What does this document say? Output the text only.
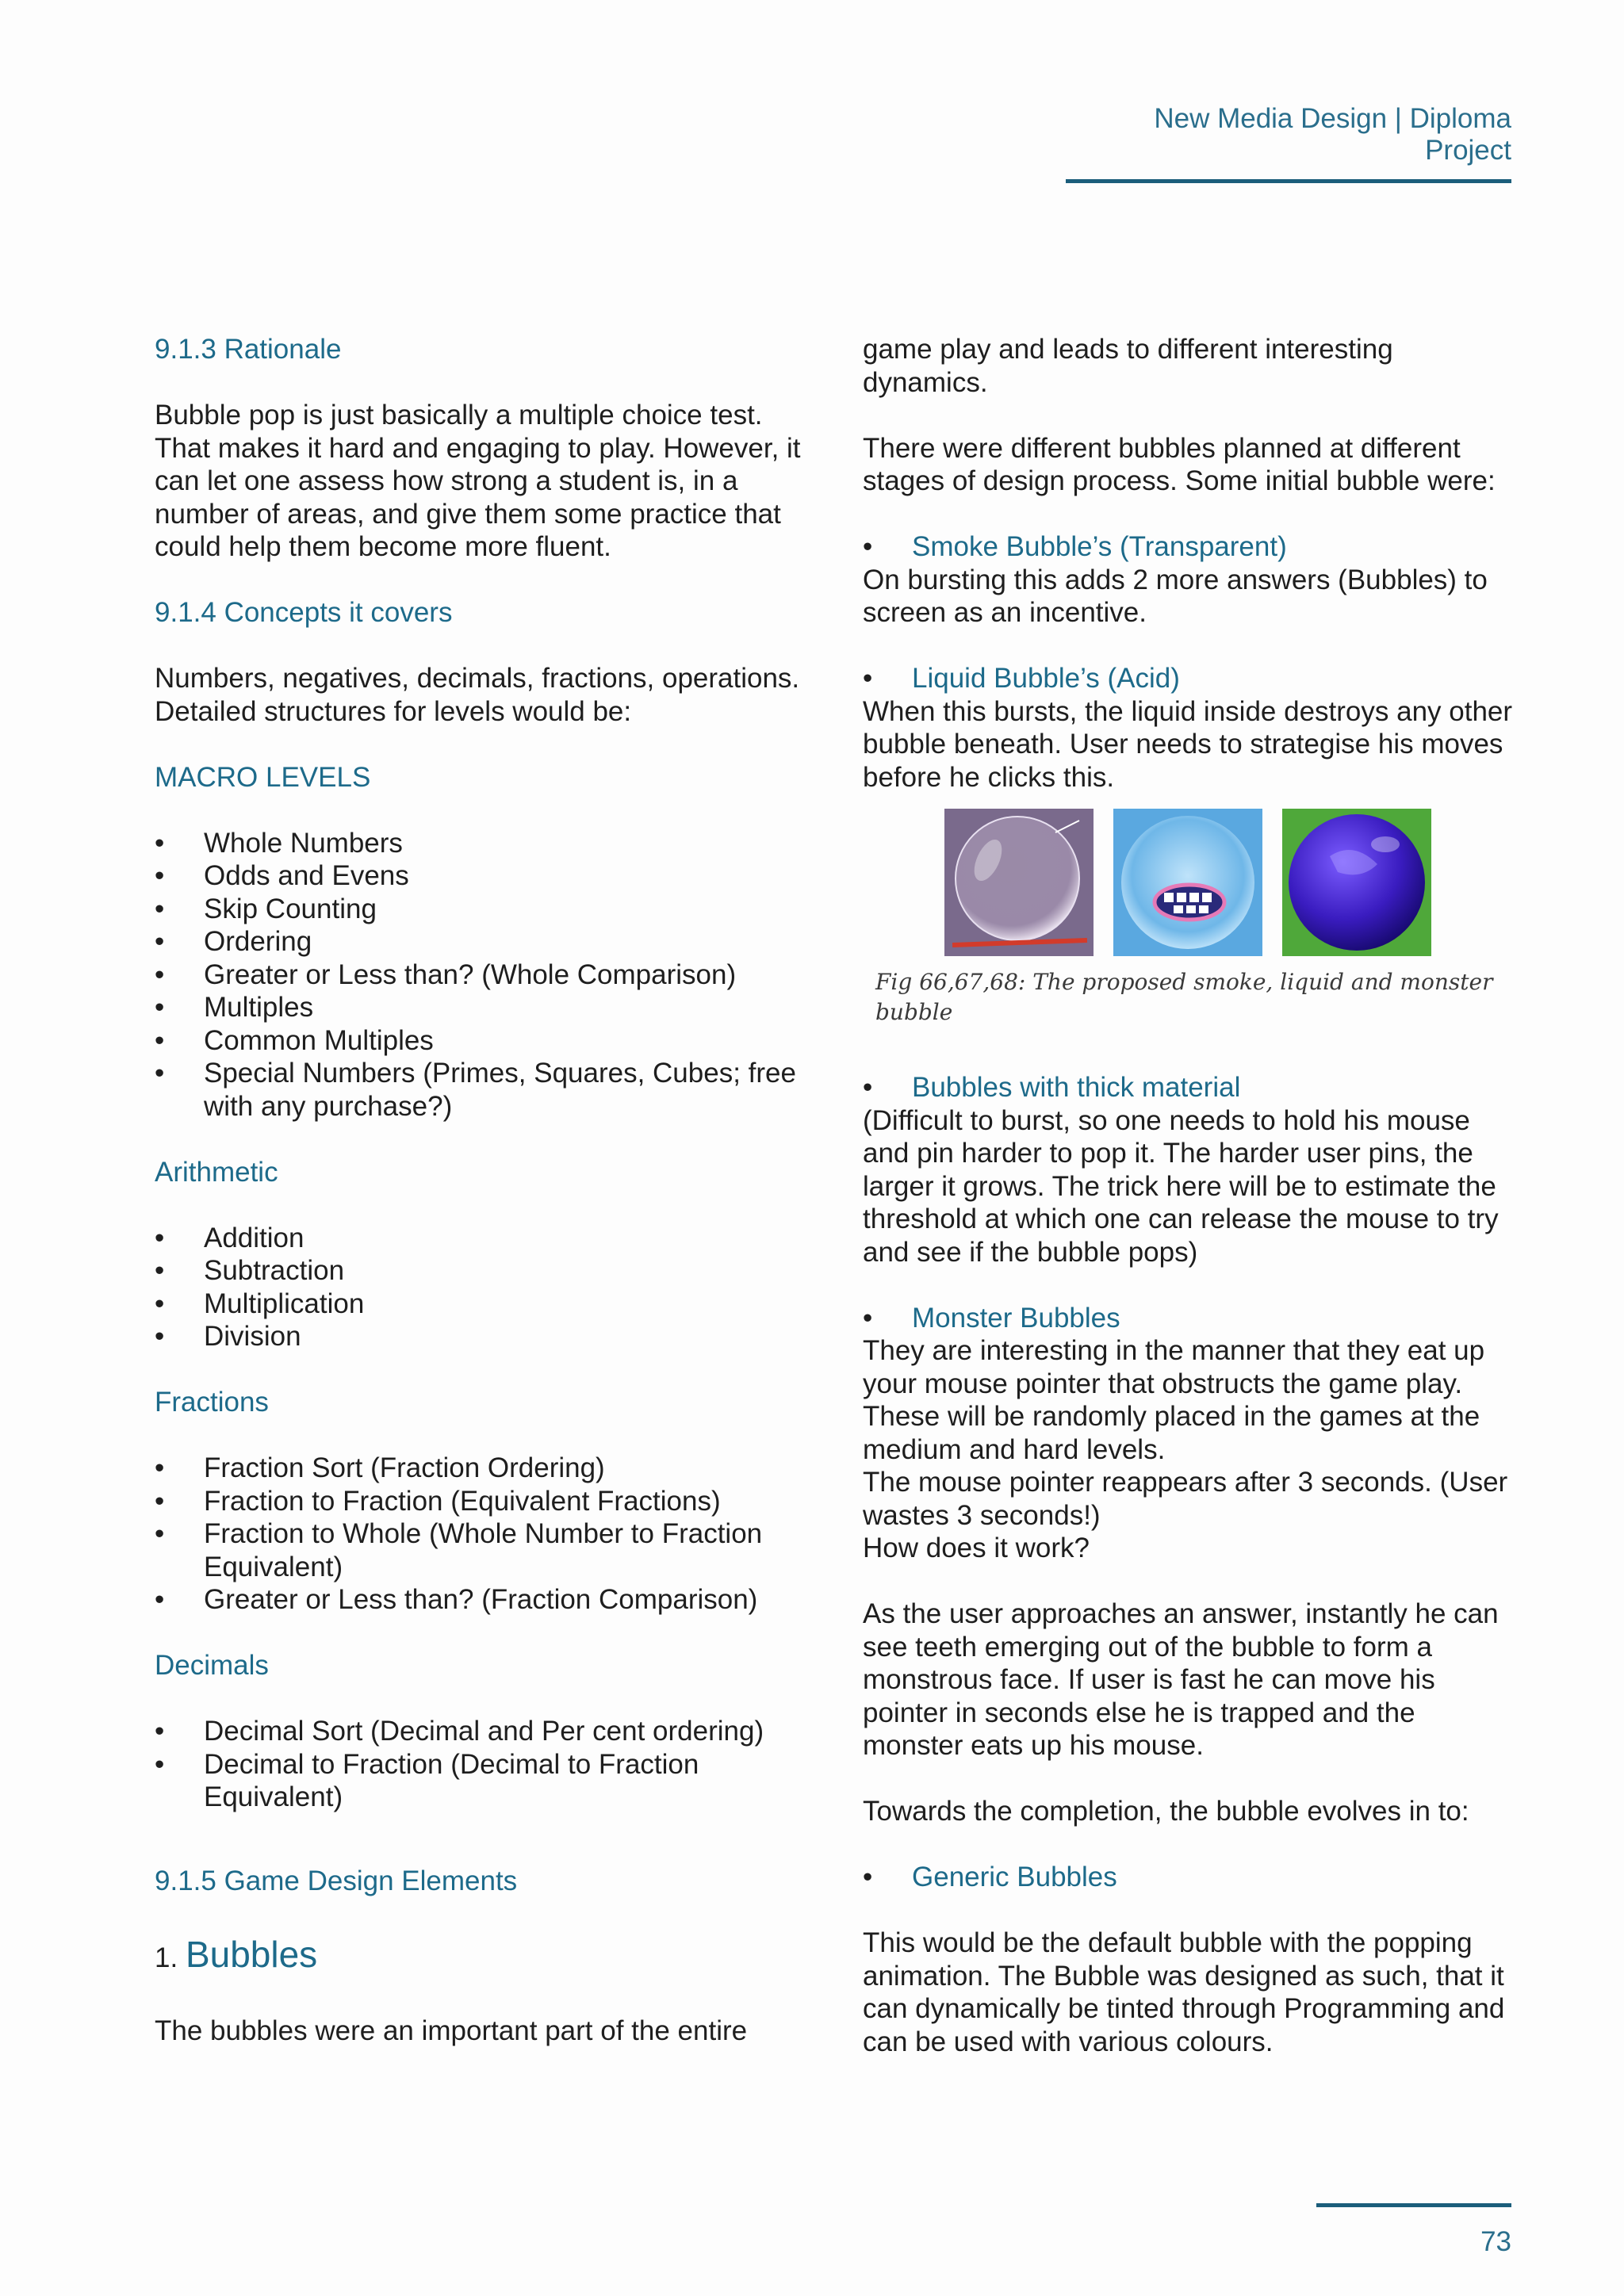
New Media Design | Diploma Project
9.1.3 Rationale

Bubble pop is just basically a multiple choice test. That makes it hard and engaging to play. However, it can let one assess how strong a student is, in a number of areas, and give them some practice that could help them become more fluent.

9.1.4 Concepts it covers

Numbers, negatives, decimals, fractions, operations. Detailed structures for levels would be:

MACRO LEVELS
• Whole Numbers
• Odds and Evens
• Skip Counting
• Ordering
• Greater or Less than? (Whole Comparison)
• Multiples
• Common Multiples
• Special Numbers (Primes, Squares, Cubes; free with any purchase?)
Arithmetic
• Addition
• Subtraction
• Multiplication
• Division
Fractions
• Fraction Sort (Fraction Ordering)
• Fraction to Fraction (Equivalent Fractions)
• Fraction to Whole (Whole Number to Fraction Equivalent)
• Greater or Less than? (Fraction Comparison)
Decimals
• Decimal Sort (Decimal and Per cent ordering)
• Decimal to Fraction (Decimal to Fraction Equivalent)
9.1.5 Game Design Elements
1. Bubbles

The bubbles were an important part of the entire

game play and leads to different interesting dynamics.

There were different bubbles planned at different stages of design process. Some initial bubble were:

• Smoke Bubble’s (Transparent)

On bursting this adds 2 more answers (Bubbles) to screen as an incentive.

• Liquid Bubble’s (Acid)

When this bursts, the liquid inside destroys any other bubble beneath. User needs to strategise his moves before he clicks this.

Fig 66,67,68: The proposed smoke, liquid and monster bubble
• Bubbles with thick material

(Difficult to burst, so one needs to hold his mouse and pin harder to pop it. The harder user pins, the larger it grows. The trick here will be to estimate the threshold at which one can release the mouse to try and see if the bubble pops)

• Monster Bubbles
They are interesting in the manner that they eat up your mouse pointer that obstructs the game play. These will be randomly placed in the games at the medium and hard levels.
The mouse pointer reappears after 3 seconds. (User wastes 3 seconds!)

How does it work?

As the user approaches an answer, instantly he can see teeth emerging out of the bubble to form a monstrous face. If user is fast he can move his pointer in seconds else he is trapped and the monster eats up his mouse.

Towards the completion, the bubble evolves in to:

• Generic Bubbles

This would be the default bubble with the popping animation. The Bubble was designed as such, that it can dynamically be tinted through Programming and can be used with various colours.

73
